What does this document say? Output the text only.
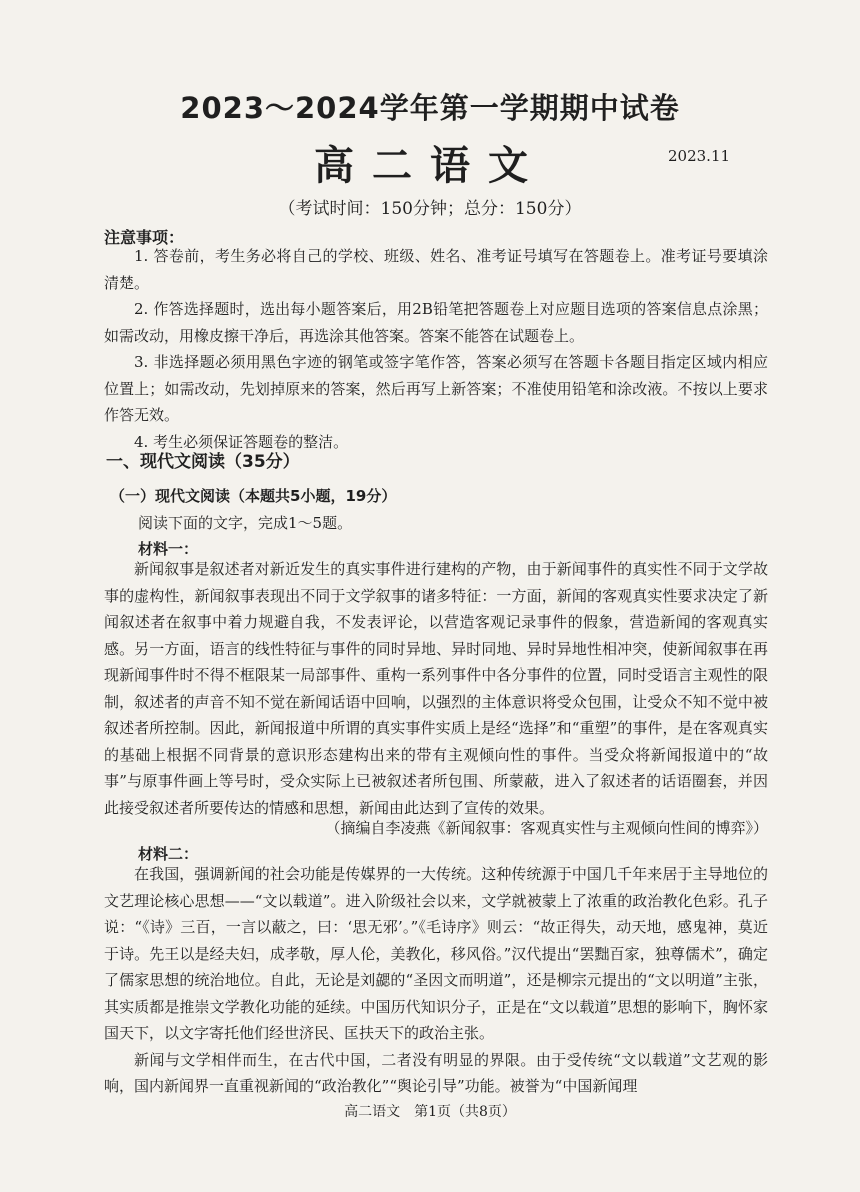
2023～2024学年第一学期期中试卷
高二语文	2023.11
（考试时间：150分钟；总分：150分）
注意事项：

1. 答卷前，考生务必将自己的学校、班级、姓名、准考证号填写在答题卷上。准考证号要填涂清楚。

2. 作答选择题时，选出每小题答案后，用2B铅笔把答题卷上对应题目选项的答案信息点涂黑；如需改动，用橡皮擦干净后，再选涂其他答案。答案不能答在试题卷上。

3. 非选择题必须用黑色字迹的钢笔或签字笔作答，答案必须写在答题卡各题目指定区域内相应位置上；如需改动，先划掉原来的答案，然后再写上新答案；不准使用铅笔和涂改液。不按以上要求作答无效。

4. 考生必须保证答题卷的整洁。

一、现代文阅读（35分）
（一）现代文阅读（本题共5小题，19分）
阅读下面的文字，完成1～5题。
材料一：

新闻叙事是叙述者对新近发生的真实事件进行建构的产物，由于新闻事件的真实性不同于文学故事的虚构性，新闻叙事表现出不同于文学叙事的诸多特征：一方面，新闻的客观真实性要求决定了新闻叙述者在叙事中着力规避自我，不发表评论，以营造客观记录事件的假象，营造新闻的客观真实感。另一方面，语言的线性特征与事件的同时异地、异时同地、异时异地性相冲突，使新闻叙事在再现新闻事件时不得不框限某一局部事件、重构一系列事件中各分事件的位置，同时受语言主观性的限制，叙述者的声音不知不觉在新闻话语中回响，以强烈的主体意识将受众包围，让受众不知不觉中被叙述者所控制。因此，新闻报道中所谓的真实事件实质上是经“选择”和“重塑”的事件，是在客观真实的基础上根据不同背景的意识形态建构出来的带有主观倾向性的事件。当受众将新闻报道中的“故事”与原事件画上等号时，受众实际上已被叙述者所包围、所蒙蔽，进入了叙述者的话语圈套，并因此接受叙述者所要传达的情感和思想，新闻由此达到了宣传的效果。

（摘编自李凌燕《新闻叙事：客观真实性与主观倾向性间的博弈》）
材料二：

在我国，强调新闻的社会功能是传媒界的一大传统。这种传统源于中国几千年来居于主导地位的文艺理论核心思想——“文以载道”。进入阶级社会以来，文学就被蒙上了浓重的政治教化色彩。孔子说：“《诗》三百，一言以蔽之，曰：‘思无邪’。”《毛诗序》则云：“故正得失，动天地，感鬼神，莫近于诗。先王以是经夫妇，成孝敬，厚人伦，美教化，移风俗。”汉代提出“罢黜百家，独尊儒术”，确定了儒家思想的统治地位。自此，无论是刘勰的“圣因文而明道”，还是柳宗元提出的“文以明道”主张，其实质都是推崇文学教化功能的延续。中国历代知识分子，正是在“文以载道”思想的影响下，胸怀家国天下，以文字寄托他们经世济民、匡扶天下的政治主张。

新闻与文学相伴而生，在古代中国，二者没有明显的界限。由于受传统“文以载道”文艺观的影响，国内新闻界一直重视新闻的“政治教化”“舆论引导”功能。被誉为“中国新闻理

高二语文　第1页（共8页）
